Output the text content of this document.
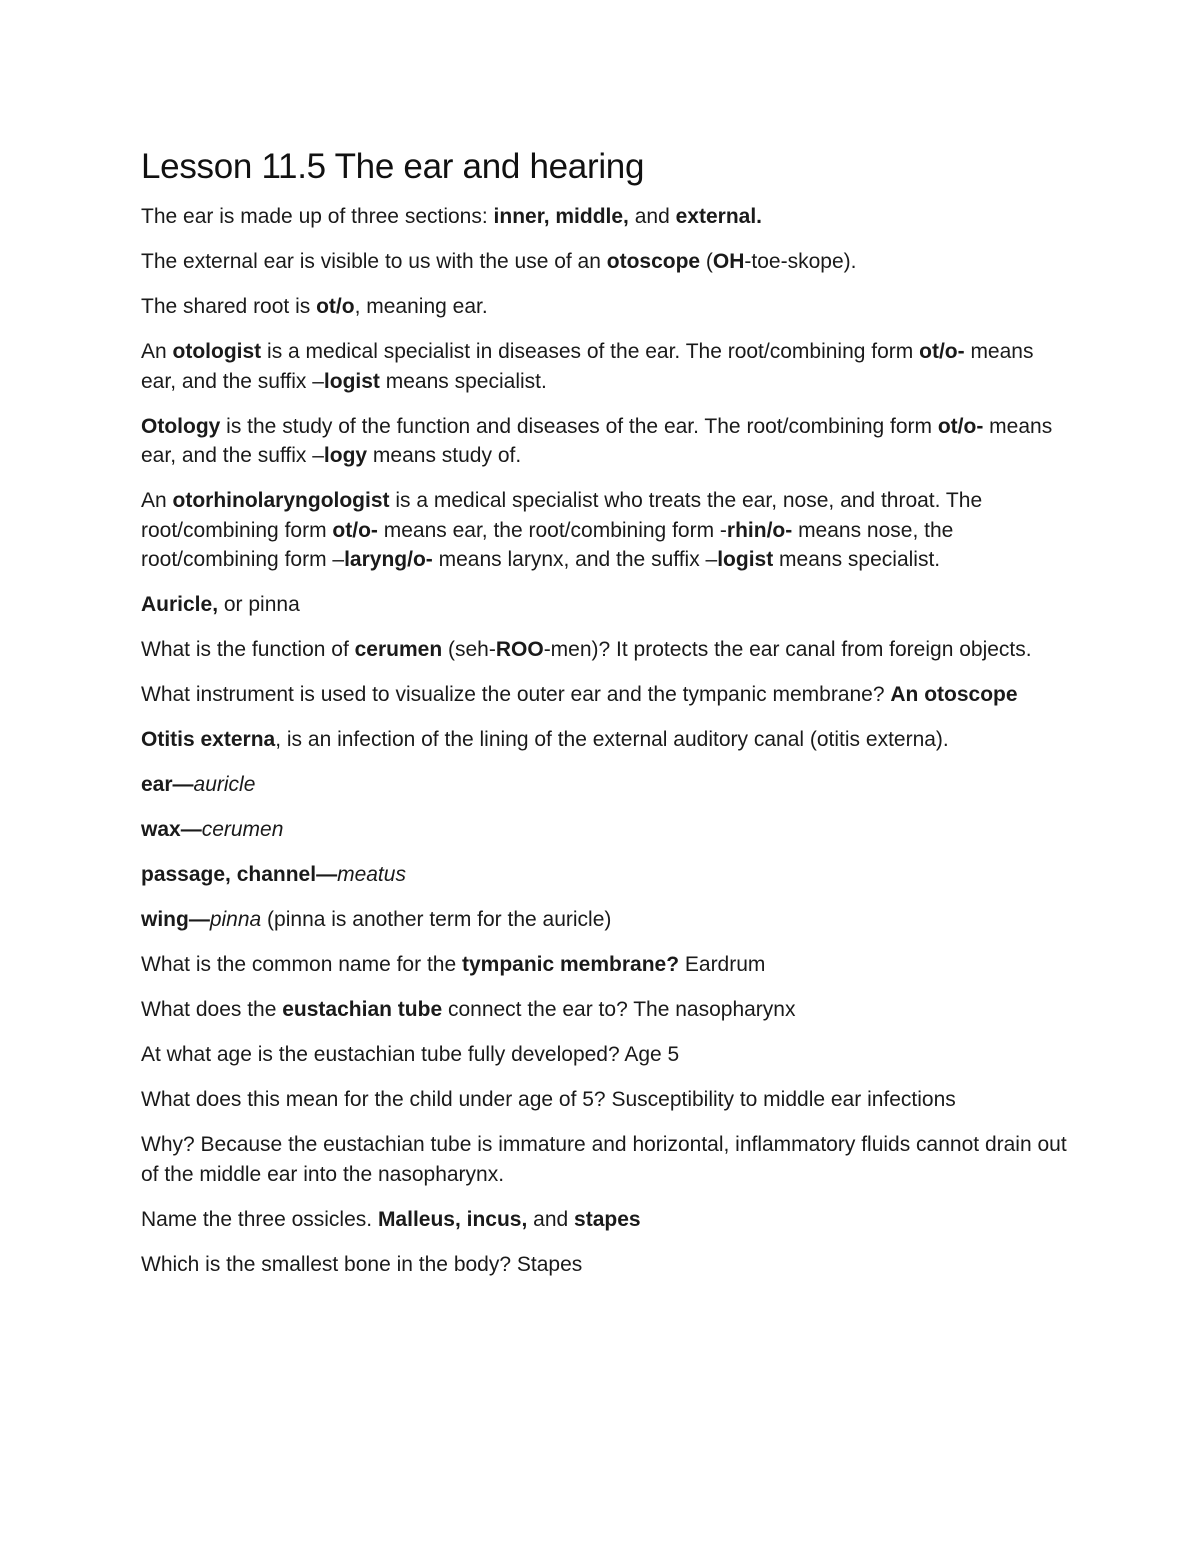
Lesson 11.5 The ear and hearing

The ear is made up of three sections: inner, middle, and external.

The external ear is visible to us with the use of an otoscope (OH-toe-skope).

The shared root is ot/o, meaning ear.

An otologist is a medical specialist in diseases of the ear. The root/combining form ot/o- means ear, and the suffix –logist means specialist.

Otology is the study of the function and diseases of the ear. The root/combining form ot/o- means ear, and the suffix –logy means study of.

An otorhinolaryngologist is a medical specialist who treats the ear, nose, and throat. The root/combining form ot/o- means ear, the root/combining form -rhin/o- means nose, the root/combining form –laryng/o- means larynx, and the suffix –logist means specialist.

Auricle, or pinna

What is the function of cerumen (seh-ROO-men)? It protects the ear canal from foreign objects.

What instrument is used to visualize the outer ear and the tympanic membrane? An otoscope

Otitis externa, is an infection of the lining of the external auditory canal (otitis externa).

ear—auricle

wax—cerumen

passage, channel—meatus

wing—pinna (pinna is another term for the auricle)

What is the common name for the tympanic membrane? Eardrum

What does the eustachian tube connect the ear to? The nasopharynx

At what age is the eustachian tube fully developed? Age 5

What does this mean for the child under age of 5? Susceptibility to middle ear infections

Why? Because the eustachian tube is immature and horizontal, inflammatory fluids cannot drain out of the middle ear into the nasopharynx.

Name the three ossicles. Malleus, incus, and stapes

Which is the smallest bone in the body? Stapes
